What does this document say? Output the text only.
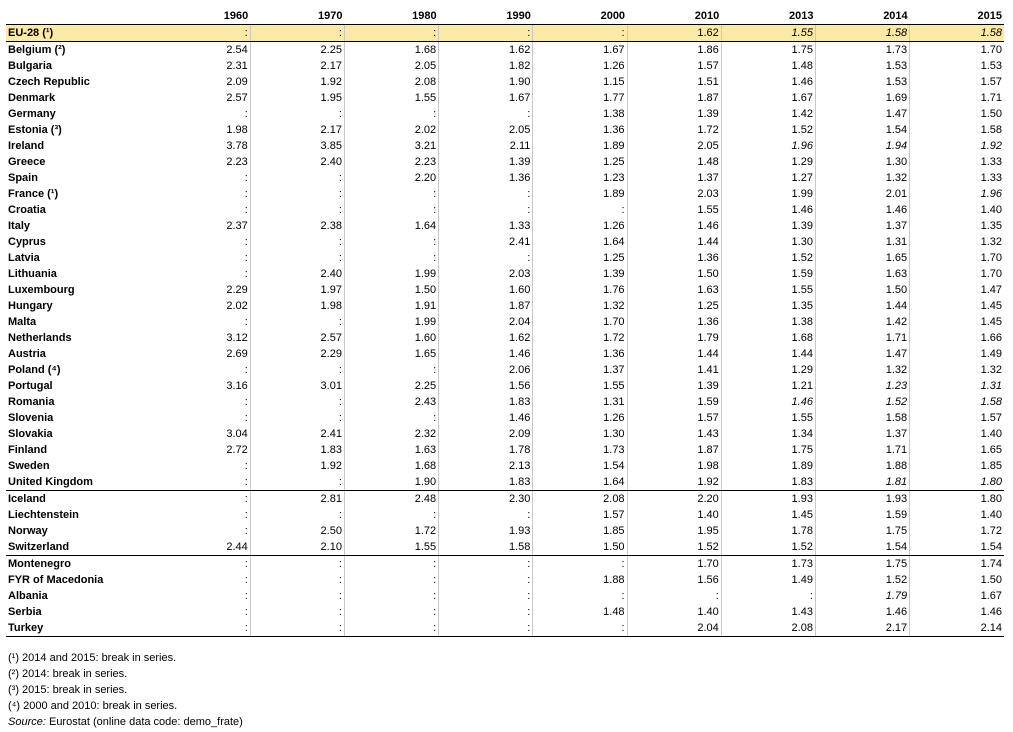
	1960	1970	1980	1990	2000	2010	2013	2014	2015
EU-28 (¹)	:	:	:	:	:	1.62	1.55	1.58	1.58
Belgium (²)	2.54	2.25	1.68	1.62	1.67	1.86	1.75	1.73	1.70
Bulgaria	2.31	2.17	2.05	1.82	1.26	1.57	1.48	1.53	1.53
Czech Republic	2.09	1.92	2.08	1.90	1.15	1.51	1.46	1.53	1.57
Denmark	2.57	1.95	1.55	1.67	1.77	1.87	1.67	1.69	1.71
Germany	:	:	:	:	1.38	1.39	1.42	1.47	1.50
Estonia (³)	1.98	2.17	2.02	2.05	1.36	1.72	1.52	1.54	1.58
Ireland	3.78	3.85	3.21	2.11	1.89	2.05	1.96	1.94	1.92
Greece	2.23	2.40	2.23	1.39	1.25	1.48	1.29	1.30	1.33
Spain	:	:	2.20	1.36	1.23	1.37	1.27	1.32	1.33
France (¹)	:	:	:	:	1.89	2.03	1.99	2.01	1.96
Croatia	:	:	:	:	:	1.55	1.46	1.46	1.40
Italy	2.37	2.38	1.64	1.33	1.26	1.46	1.39	1.37	1.35
Cyprus	:	:	:	2.41	1.64	1.44	1.30	1.31	1.32
Latvia	:	:	:	:	1.25	1.36	1.52	1.65	1.70
Lithuania	:	2.40	1.99	2.03	1.39	1.50	1.59	1.63	1.70
Luxembourg	2.29	1.97	1.50	1.60	1.76	1.63	1.55	1.50	1.47
Hungary	2.02	1.98	1.91	1.87	1.32	1.25	1.35	1.44	1.45
Malta	:	:	1.99	2.04	1.70	1.36	1.38	1.42	1.45
Netherlands	3.12	2.57	1.60	1.62	1.72	1.79	1.68	1.71	1.66
Austria	2.69	2.29	1.65	1.46	1.36	1.44	1.44	1.47	1.49
Poland (⁴)	:	:	:	2.06	1.37	1.41	1.29	1.32	1.32
Portugal	3.16	3.01	2.25	1.56	1.55	1.39	1.21	1.23	1.31
Romania	:	:	2.43	1.83	1.31	1.59	1.46	1.52	1.58
Slovenia	:	:	:	1.46	1.26	1.57	1.55	1.58	1.57
Slovakia	3.04	2.41	2.32	2.09	1.30	1.43	1.34	1.37	1.40
Finland	2.72	1.83	1.63	1.78	1.73	1.87	1.75	1.71	1.65
Sweden	:	1.92	1.68	2.13	1.54	1.98	1.89	1.88	1.85
United Kingdom	:	:	1.90	1.83	1.64	1.92	1.83	1.81	1.80
Iceland	:	2.81	2.48	2.30	2.08	2.20	1.93	1.93	1.80
Liechtenstein	:	:	:	:	1.57	1.40	1.45	1.59	1.40
Norway	:	2.50	1.72	1.93	1.85	1.95	1.78	1.75	1.72
Switzerland	2.44	2.10	1.55	1.58	1.50	1.52	1.52	1.54	1.54
Montenegro	:	:	:	:	:	1.70	1.73	1.75	1.74
FYR of Macedonia	:	:	:	:	1.88	1.56	1.49	1.52	1.50
Albania	:	:	:	:	:	:	:	1.79	1.67
Serbia	:	:	:	:	1.48	1.40	1.43	1.46	1.46
Turkey	:	:	:	:	:	2.04	2.08	2.17	2.14
(¹) 2014 and 2015: break in series.
(²) 2014: break in series.
(³) 2015: break in series.
(⁴) 2000 and 2010: break in series.
Source: Eurostat (online data code: demo_frate)
